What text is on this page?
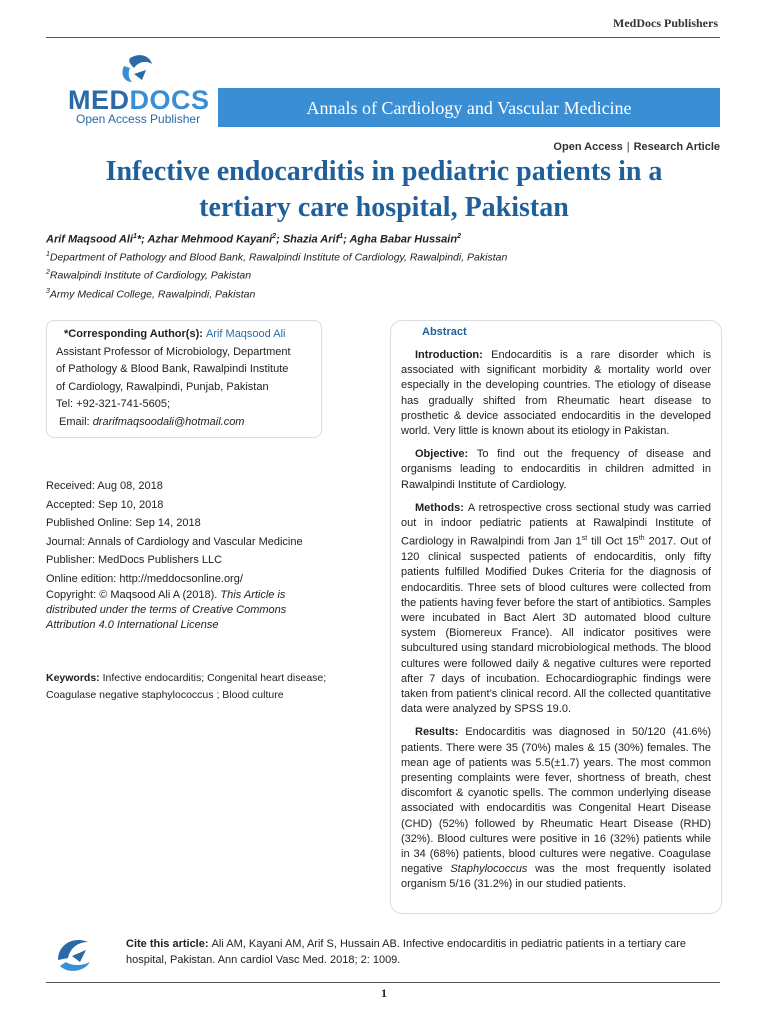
MedDocs Publishers
MEDDOCS
Open Access Publisher
Annals of Cardiology and Vascular Medicine
Open Access | Research Article
Infective endocarditis in pediatric patients in a
tertiary care hospital, Pakistan
Arif Maqsood Ali$^1$*; Azhar Mehmood Kayani$^2$; Shazia Arif$^1$; Agha Babar Hussain$^2$
$^1$Department of Pathology and Blood Bank, Rawalpindi Institute of Cardiology, Rawalpindi, Pakistan
$^2$Rawalpindi Institute of Cardiology, Pakistan
$^3$Army Medical College, Rawalpindi, Pakistan
*Corresponding Author(s): Arif Maqsood Ali
Assistant Professor of Microbiology, Department
of Pathology & Blood Bank, Rawalpindi Institute
of Cardiology, Rawalpindi, Punjab, Pakistan
Tel: +92-321-741-5605;
Email: drarifmaqsoodali@hotmail.com
Received: Aug 08, 2018
Accepted: Sep 10, 2018
Published Online: Sep 14, 2018
Journal: Annals of Cardiology and Vascular Medicine
Publisher: MedDocs Publishers LLC
Online edition: http://meddocsonline.org/
Copyright: © Maqsood Ali A (2018). This Article is distributed under the terms of Creative Commons Attribution 4.0 International License
Keywords: Infective endocarditis; Congenital heart disease; Coagulase negative staphylococcus ; Blood culture
Abstract

Introduction: Endocarditis is a rare disorder which is associated with significant morbidity & mortality world over especially in the developing countries. The etiology of disease has gradually shifted from Rheumatic heart disease to prosthetic & device associated endocarditis in the developed world. Very little is known about its etiology in Pakistan.

Objective: To find out the frequency of disease and organisms leading to endocarditis in children admitted in Rawalpindi Institute of Cardiology.

Methods: A retrospective cross sectional study was carried out in indoor pediatric patients at Rawalpindi Institute of Cardiology in Rawalpindi from Jan 1st till Oct 15th 2017. Out of 120 clinical suspected patients of endocarditis, only fifty patients fulfilled Modified Dukes Criteria for the diagnosis of endocarditis. Three sets of blood cultures were collected from the patients having fever before the start of antibiotics. Samples were incubated in Bact Alert 3D automated blood culture system (Biomereux France). All indicator positives were subcultured using standard microbiological methods. The blood cultures were followed daily & negative cultures were reported after 7 days of incubation. Echocardiographic findings were taken from patient’s clinical record. All the collected quantitative data were analyzed by SPSS 19.0.

Results: Endocarditis was diagnosed in 50/120 (41.6%) patients. There were 35 (70%) males & 15 (30%) females. The mean age of patients was 5.5(±1.7) years. The most common presenting complaints were fever, shortness of breath, chest discomfort & cyanotic spells. The common underlying disease associated with endocarditis was Congenital Heart Disease (CHD) (52%) followed by Rheumatic Heart Disease (RHD) (32%). Blood cultures were positive in 16 (32%) patients while in 34 (68%) patients, blood cultures were negative. Coagulase negative Staphylococcus was the most frequently isolated organism 5/16 (31.2%) in our studied patients.

Cite this article: Ali AM, Kayani AM, Arif S, Hussain AB. Infective endocarditis in pediatric patients in a tertiary care hospital, Pakistan. Ann cardiol Vasc Med. 2018; 2: 1009.
1
